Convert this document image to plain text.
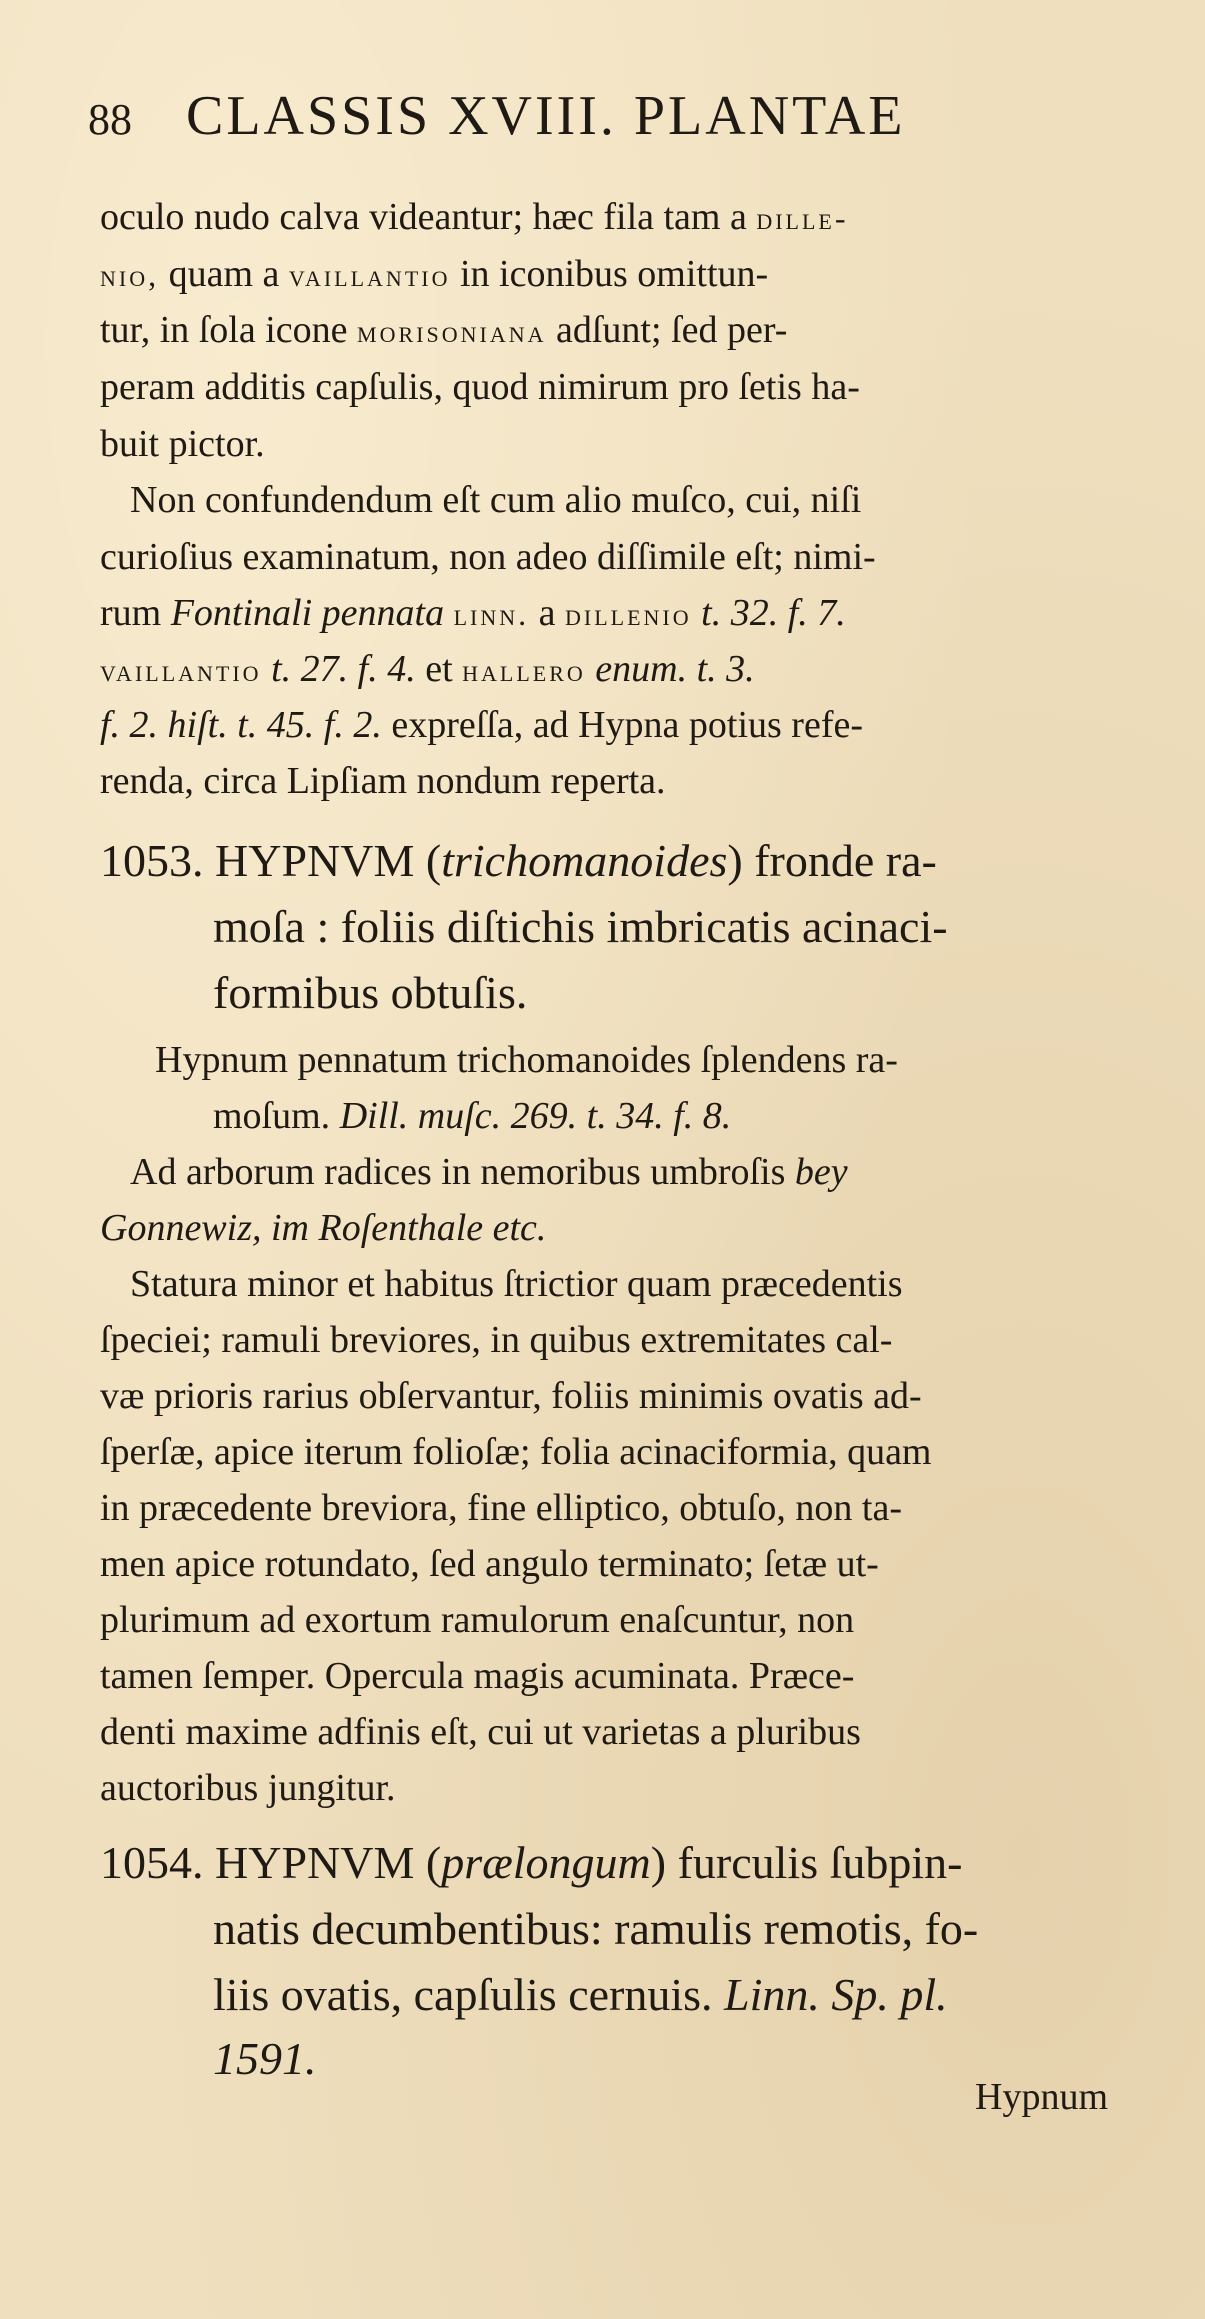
88 CLASSIS XVIII. PLANTAE
oculo nudo calva videantur; hæc fila tam a dille-
nio, quam a vaillantio in iconibus omittun-
tur, in ſola icone morisoniana adſunt; ſed per-
peram additis capſulis, quod nimirum pro ſetis ha-
buit pictor.
Non confundendum eſt cum alio muſco, cui, niſi
curioſius examinatum, non adeo diſſimile eſt; nimi-
rum Fontinali pennata linn. a dillenio t. 32. f. 7.
vaillantio t. 27. f. 4. et hallero enum. t. 3.
f. 2. hiſt. t. 45. f. 2. expreſſa, ad Hypna potius refe-
renda, circa Lipſiam nondum reperta.
1053. HYPNVM (trichomanoides) fronde ra-
moſa : foliis diſtichis imbricatis acinaci-
formibus obtuſis.
Hypnum pennatum trichomanoides ſplendens ra-
moſum. Dill. muſc. 269. t. 34. f. 8.
Ad arborum radices in nemoribus umbroſis bey
Gonnewiz, im Roſenthale etc.
Statura minor et habitus ſtrictior quam præcedentis
ſpeciei; ramuli breviores, in quibus extremitates cal-
væ prioris rarius obſervantur, foliis minimis ovatis ad-
ſperſæ, apice iterum folioſæ; folia acinaciformia, quam
in præcedente breviora, fine elliptico, obtuſo, non ta-
men apice rotundato, ſed angulo terminato; ſetæ ut-
plurimum ad exortum ramulorum enaſcuntur, non
tamen ſemper. Opercula magis acuminata. Præce-
denti maxime adfinis eſt, cui ut varietas a pluribus
auctoribus jungitur.
1054. HYPNVM (prælongum) furculis ſubpin-
natis decumbentibus: ramulis remotis, fo-
liis ovatis, capſulis cernuis. Linn. Sp. pl.
1591.
Hypnum
